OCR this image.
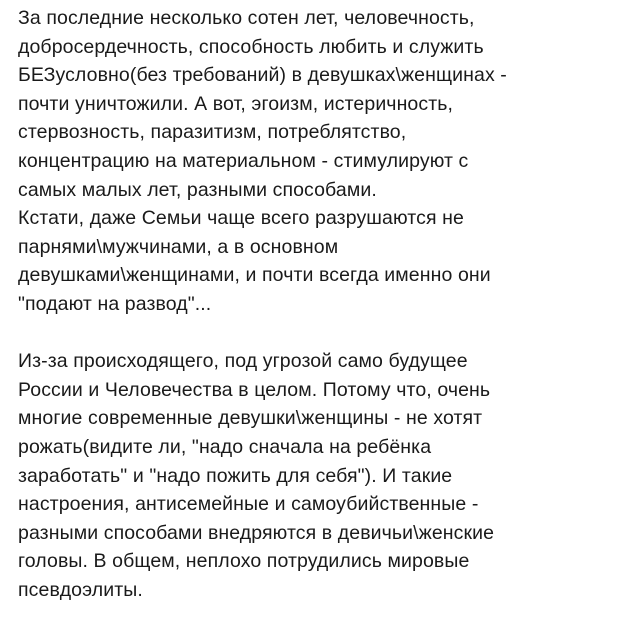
За последние несколько сотен лет, человечность,
добросердечность, способность любить и служить
БЕЗусловно(без требований) в девушках\женщинах -
почти уничтожили. А вот, эгоизм, истеричность,
стервозность, паразитизм, потреблятство,
концентрацию на материальном - стимулируют с
самых малых лет, разными способами.
Кстати, даже Семьи чаще всего разрушаются не
парнями\мужчинами, а в основном
девушками\женщинами, и почти всегда именно они
"подают на развод"...

Из-за происходящего, под угрозой само будущее
России и Человечества в целом. Потому что, очень
многие современные девушки\женщины - не хотят
рожать(видите ли, "надо сначала на ребёнка
заработать" и "надо пожить для себя"). И такие
настроения, антисемейные и самоубийственные -
разными способами внедряются в девичьи\женские
головы. В общем, неплохо потрудились мировые
псевдоэлиты.
